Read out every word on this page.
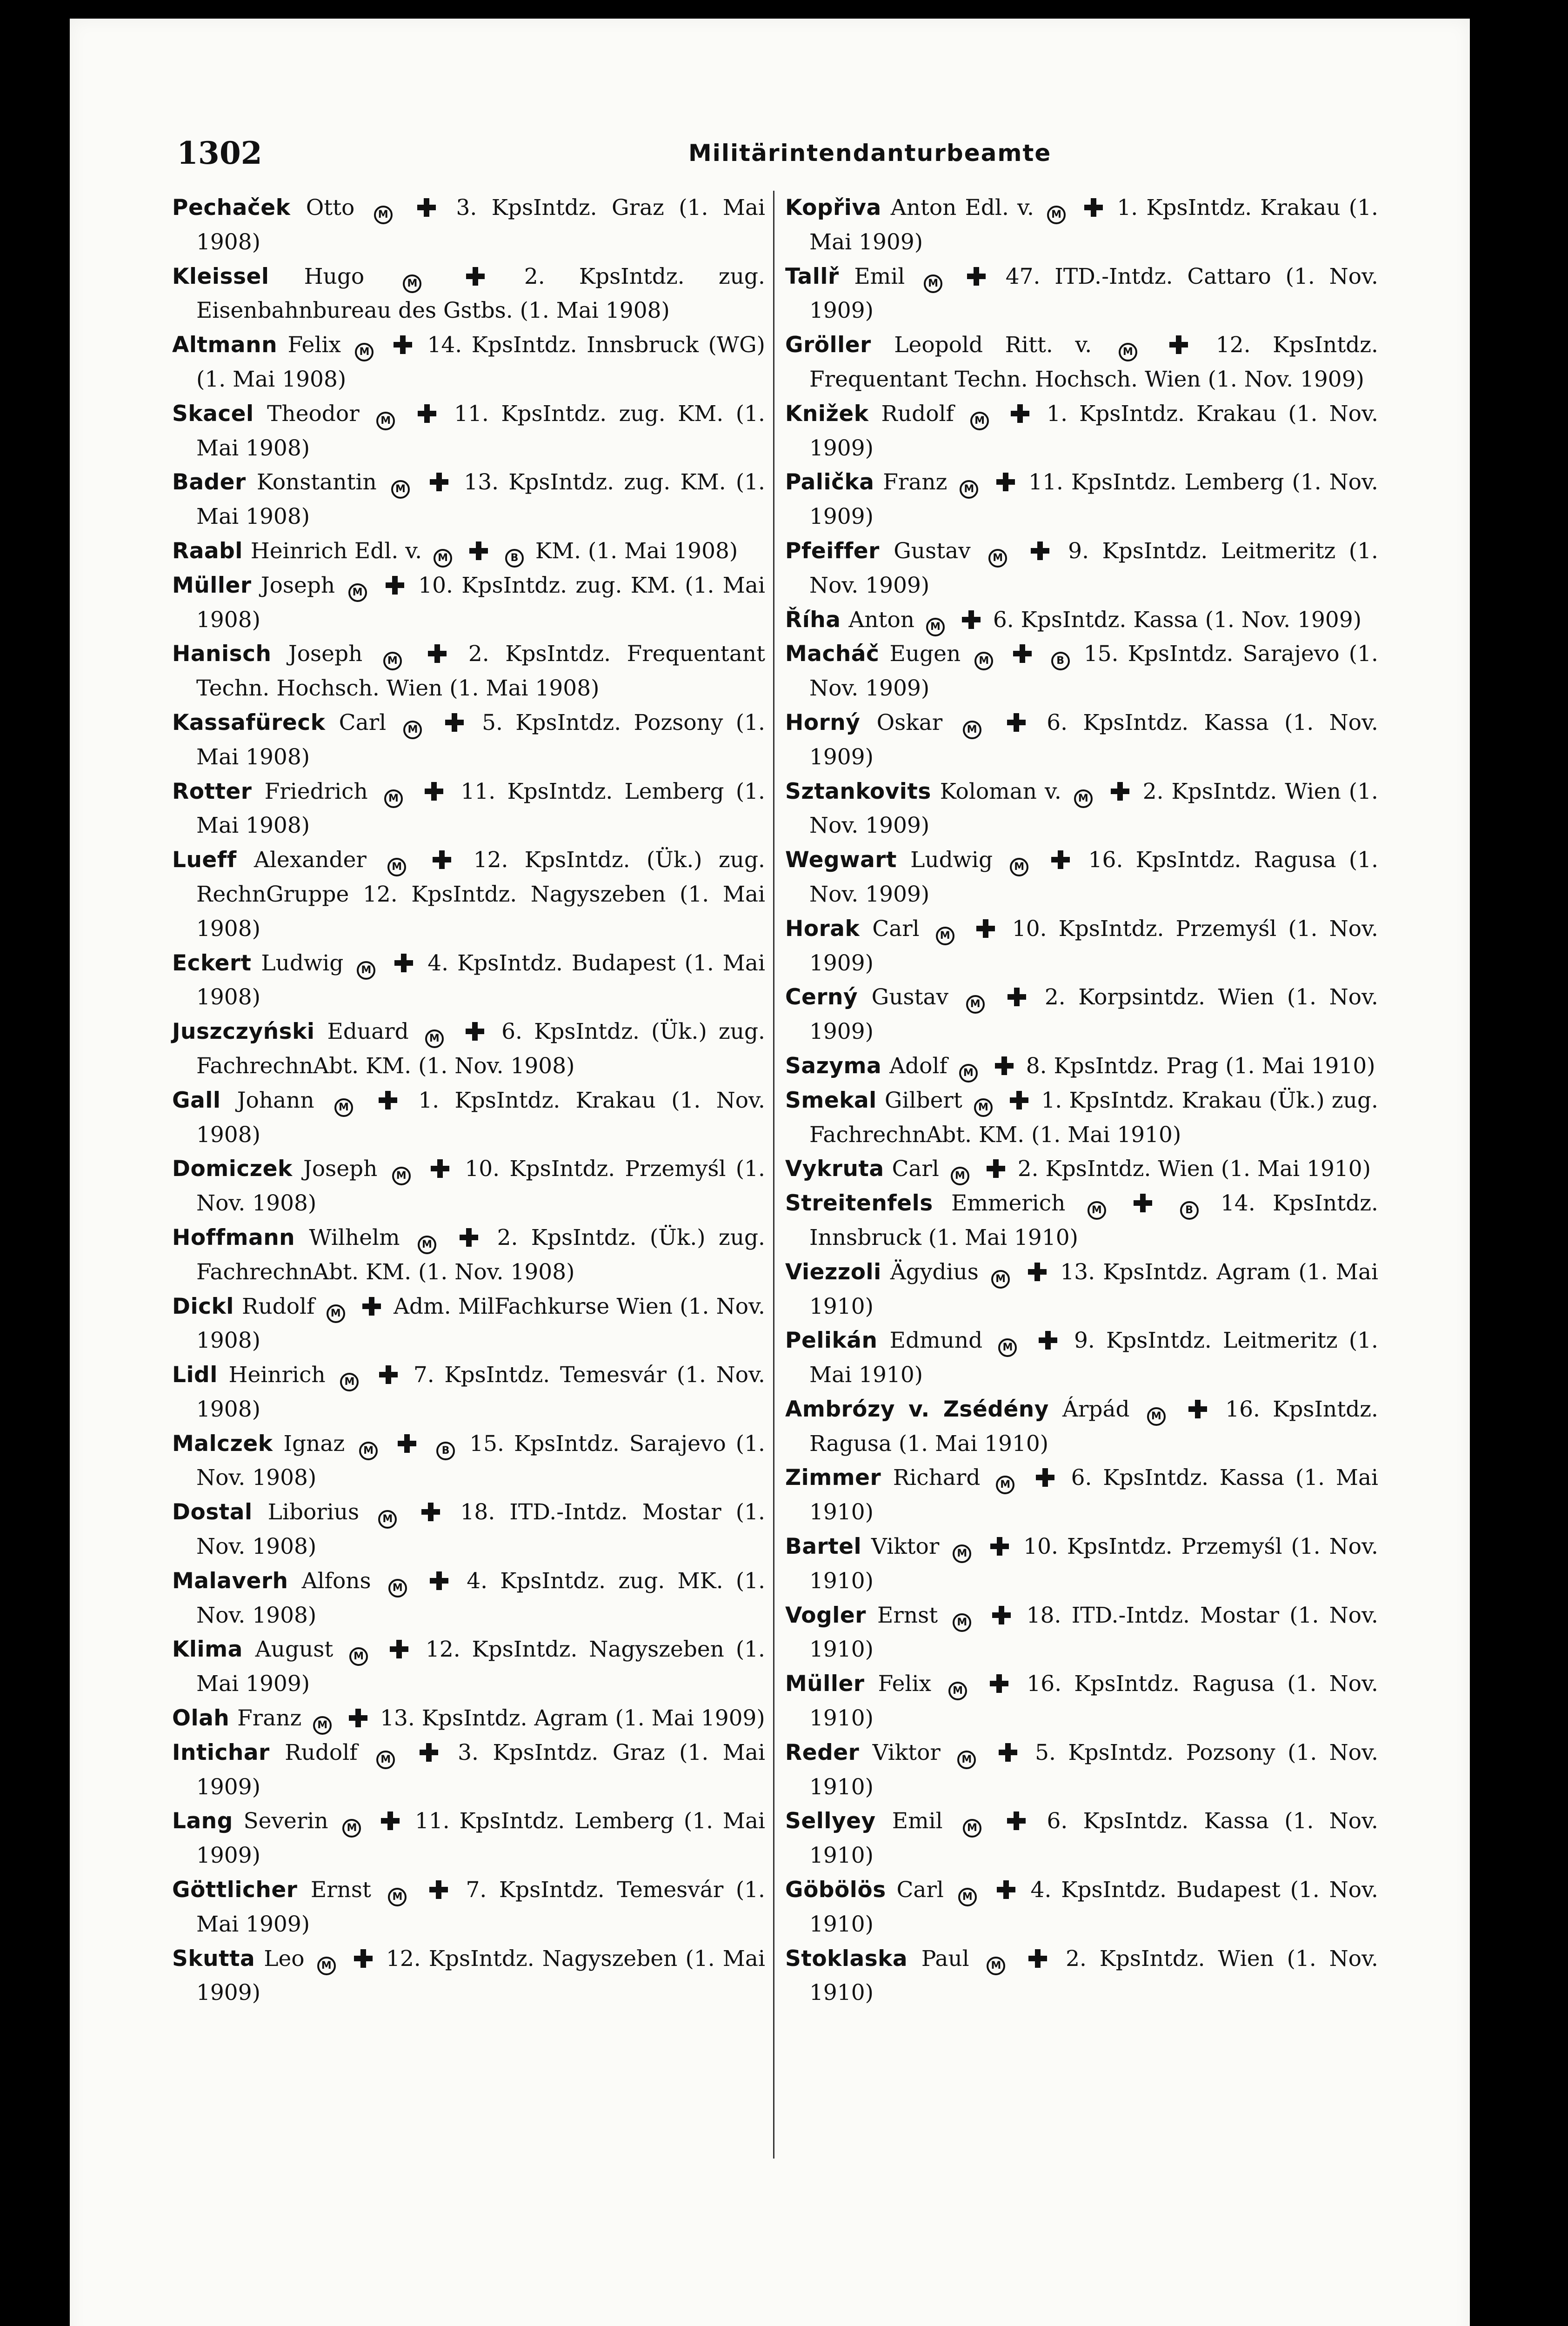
1302	Militärintendanturbeamte
Pechaček Otto M  3. KpsIntdz. Graz (1. Mai 1908)
Kleissel Hugo M	2. KpsIntdz. zug. Eisenbahnbureau des Gstbs. (1. Mai 1908)
Altmann Felix M  14. KpsIntdz. Innsbruck (WG) (1. Mai 1908)
Skacel Theodor M  11. KpsIntdz. zug. KM. (1. Mai 1908)
Bader Konstantin M  13. KpsIntdz. zug. KM. (1. Mai 1908)
Raabl Heinrich Edl. v. M	B KM. (1. Mai 1908)
Müller Joseph M  10. KpsIntdz. zug. KM. (1. Mai 1908)
Hanisch Joseph M	2. KpsIntdz. Frequentant Techn. Hochsch. Wien (1. Mai 1908)
Kassafüreck Carl M  5. KpsIntdz. Pozsony (1. Mai 1908)
Rotter Friedrich M  11. KpsIntdz. Lemberg (1. Mai 1908)
Lueff Alexander M	12. KpsIntdz. (Ük.) zug. RechnGruppe 12. KpsIntdz. Nagyszeben (1. Mai 1908)
Eckert Ludwig M  4. KpsIntdz. Budapest (1. Mai 1908)
Juszczyński Eduard M  6. KpsIntdz. (Ük.) zug. FachrechnAbt. KM. (1. Nov. 1908)
Gall Johann M  1. KpsIntdz. Krakau (1. Nov. 1908)
Domiczek Joseph M  10. KpsIntdz. Przemyśl (1. Nov. 1908)
Hoffmann Wilhelm M  2. KpsIntdz. (Ük.) zug. FachrechnAbt. KM. (1. Nov. 1908)
Dickl Rudolf M  Adm. MilFachkurse Wien (1. Nov. 1908)
Lidl Heinrich M  7. KpsIntdz. Temesvár (1. Nov. 1908)
Malczek Ignaz M	B 15. KpsIntdz. Sarajevo (1. Nov. 1908)
Dostal Liborius M  18. ITD.-Intdz. Mostar (1. Nov. 1908)
Malaverh Alfons M  4. KpsIntdz. zug. MK. (1. Nov. 1908)
Klima August M  12. KpsIntdz. Nagyszeben (1. Mai 1909)
Olah Franz M  13. KpsIntdz. Agram (1. Mai 1909)
Intichar Rudolf M  3. KpsIntdz. Graz (1. Mai 1909)
Lang Severin M  11. KpsIntdz. Lemberg (1. Mai 1909)
Göttlicher Ernst M  7. KpsIntdz. Temesvár (1. Mai 1909)
Skutta Leo M  12. KpsIntdz. Nagyszeben (1. Mai 1909)
Kopřiva Anton Edl. v. M  1. KpsIntdz. Krakau (1. Mai 1909)
Tallř Emil M  47. ITD.-Intdz. Cattaro (1. Nov. 1909)
Gröller Leopold Ritt. v. M	12. KpsIntdz. Frequentant Techn. Hochsch. Wien (1. Nov. 1909)
Knižek Rudolf M  1. KpsIntdz. Krakau (1. Nov. 1909)
Palička Franz M  11. KpsIntdz. Lemberg (1. Nov. 1909)
Pfeiffer Gustav M  9. KpsIntdz. Leitmeritz (1. Nov. 1909)
Říha Anton M  6. KpsIntdz. Kassa (1. Nov. 1909)
Macháč Eugen M	B 15. KpsIntdz. Sarajevo (1. Nov. 1909)
Horný Oskar M  6. KpsIntdz. Kassa (1. Nov. 1909)
Sztankovits Koloman v. M  2. KpsIntdz. Wien (1. Nov. 1909)
Wegwart Ludwig M  16. KpsIntdz. Ragusa (1. Nov. 1909)
Horak Carl M  10. KpsIntdz. Przemyśl (1. Nov. 1909)
Cerný Gustav M  2. Korpsintdz. Wien (1. Nov. 1909)
Sazyma Adolf M  8. KpsIntdz. Prag (1. Mai 1910)
Smekal Gilbert M  1. KpsIntdz. Krakau (Ük.) zug. FachrechnAbt. KM. (1. Mai 1910)
Vykruta Carl M  2. KpsIntdz. Wien (1. Mai 1910)
Streitenfels Emmerich M	B 14. KpsIntdz. Innsbruck (1. Mai 1910)
Viezzoli Ägydius M  13. KpsIntdz. Agram (1. Mai 1910)
Pelikán Edmund M  9. KpsIntdz. Leitmeritz (1. Mai 1910)
Ambrózy v. Zsédény Árpád M  16. KpsIntdz. Ragusa (1. Mai 1910)
Zimmer Richard M  6. KpsIntdz. Kassa (1. Mai 1910)
Bartel Viktor M  10. KpsIntdz. Przemyśl (1. Nov. 1910)
Vogler Ernst M  18. ITD.-Intdz. Mostar (1. Nov. 1910)
Müller Felix M  16. KpsIntdz. Ragusa (1. Nov. 1910)
Reder Viktor M  5. KpsIntdz. Pozsony (1. Nov. 1910)
Sellyey Emil M  6. KpsIntdz. Kassa (1. Nov. 1910)
Göbölös Carl M  4. KpsIntdz. Budapest (1. Nov. 1910)
Stoklaska Paul M  2. KpsIntdz. Wien (1. Nov. 1910)
